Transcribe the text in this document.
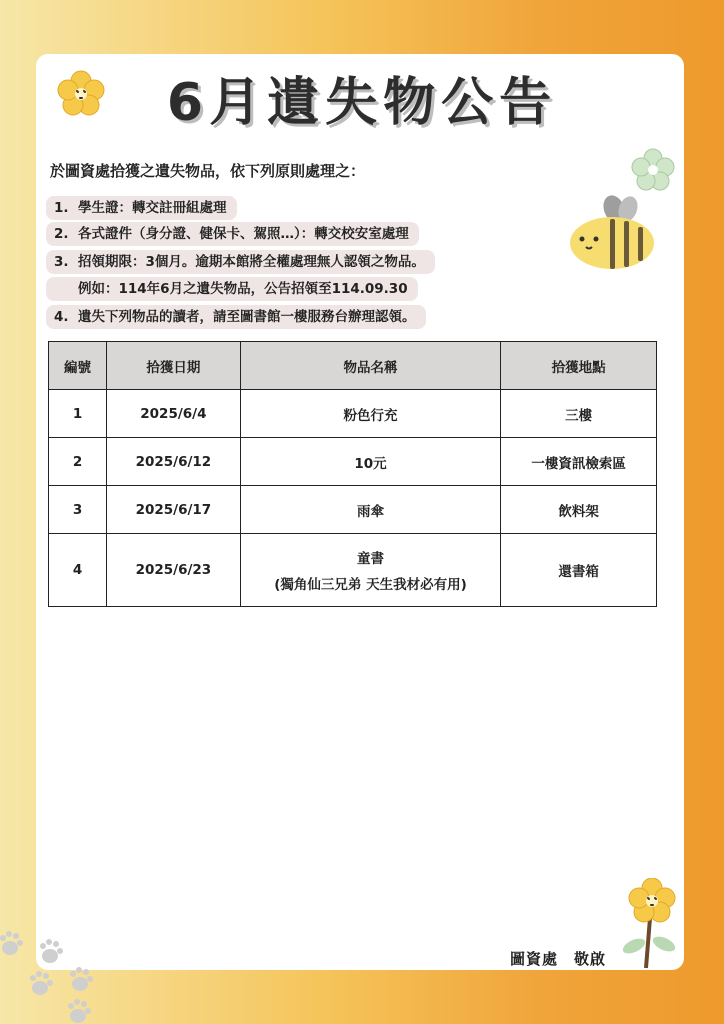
6月遺失物公告
於圖資處拾獲之遺失物品，依下列原則處理之：
1. 學生證：轉交註冊組處理
2. 各式證件（身分證、健保卡、駕照…）：轉交校安室處理
3. 招領期限：3個月。逾期本館將全權處理無人認領之物品。
例如：114年6月之遺失物品，公告招領至114.09.30
4. 遺失下列物品的讀者，請至圖書館一樓服務台辦理認領。
編號	拾獲日期	物品名稱	拾獲地點
1	2025/6/4	粉色行充	三樓
2	2025/6/12	10元	一樓資訊檢索區
3	2025/6/17	雨傘	飲料架
4	2025/6/23	童書
(獨角仙三兄弟 天生我材必有用)	還書箱
圖資處　敬啟
